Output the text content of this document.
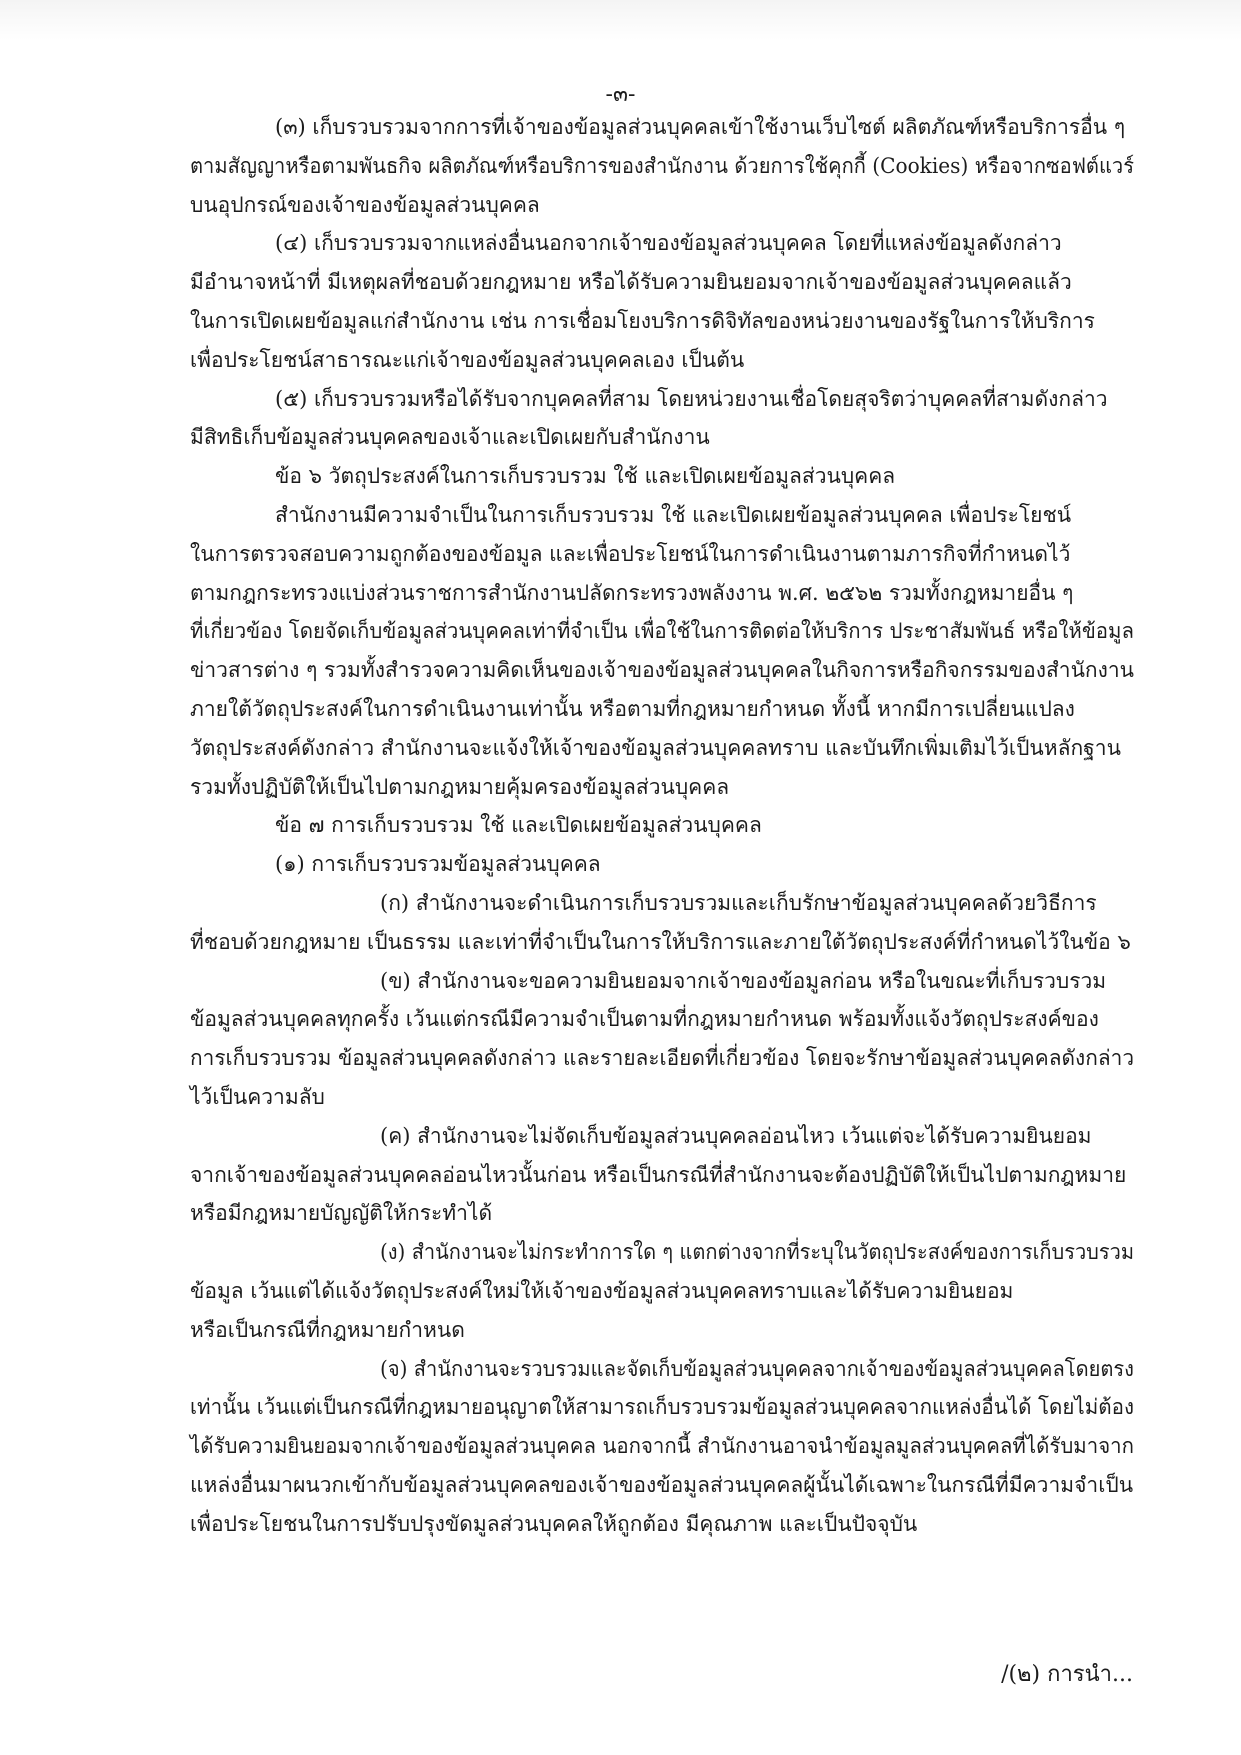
-๓-
(๓) เก็บรวบรวมจากการที่เจ้าของข้อมูลส่วนบุคคลเข้าใช้งานเว็บไซต์ ผลิตภัณฑ์หรือบริการอื่น ๆ
ตามสัญญาหรือตามพันธกิจ ผลิตภัณฑ์หรือบริการของสำนักงาน ด้วยการใช้คุกกี้ (Cookies) หรือจากซอฟต์แวร์
บนอุปกรณ์ของเจ้าของข้อมูลส่วนบุคคล
(๔) เก็บรวบรวมจากแหล่งอื่นนอกจากเจ้าของข้อมูลส่วนบุคคล โดยที่แหล่งข้อมูลดังกล่าว
มีอำนาจหน้าที่ มีเหตุผลที่ชอบด้วยกฎหมาย หรือได้รับความยินยอมจากเจ้าของข้อมูลส่วนบุคคลแล้ว
ในการเปิดเผยข้อมูลแก่สำนักงาน เช่น การเชื่อมโยงบริการดิจิทัลของหน่วยงานของรัฐในการให้บริการ
เพื่อประโยชน์สาธารณะแก่เจ้าของข้อมูลส่วนบุคคลเอง เป็นต้น
(๕) เก็บรวบรวมหรือได้รับจากบุคคลที่สาม โดยหน่วยงานเชื่อโดยสุจริตว่าบุคคลที่สามดังกล่าว
มีสิทธิเก็บข้อมูลส่วนบุคคลของเจ้าและเปิดเผยกับสำนักงาน
ข้อ ๖ วัตถุประสงค์ในการเก็บรวบรวม ใช้ และเปิดเผยข้อมูลส่วนบุคคล
สำนักงานมีความจำเป็นในการเก็บรวบรวม ใช้ และเปิดเผยข้อมูลส่วนบุคคล เพื่อประโยชน์
ในการตรวจสอบความถูกต้องของข้อมูล และเพื่อประโยชน์ในการดำเนินงานตามภารกิจที่กำหนดไว้
ตามกฎกระทรวงแบ่งส่วนราชการสำนักงานปลัดกระทรวงพลังงาน พ.ศ. ๒๕๖๒ รวมทั้งกฎหมายอื่น ๆ
ที่เกี่ยวข้อง โดยจัดเก็บข้อมูลส่วนบุคคลเท่าที่จำเป็น เพื่อใช้ในการติดต่อให้บริการ ประชาสัมพันธ์ หรือให้ข้อมูล
ข่าวสารต่าง ๆ รวมทั้งสำรวจความคิดเห็นของเจ้าของข้อมูลส่วนบุคคลในกิจการหรือกิจกรรมของสำนักงาน
ภายใต้วัตถุประสงค์ในการดำเนินงานเท่านั้น หรือตามที่กฎหมายกำหนด ทั้งนี้ หากมีการเปลี่ยนแปลง
วัตถุประสงค์ดังกล่าว สำนักงานจะแจ้งให้เจ้าของข้อมูลส่วนบุคคลทราบ และบันทึกเพิ่มเติมไว้เป็นหลักฐาน
รวมทั้งปฏิบัติให้เป็นไปตามกฎหมายคุ้มครองข้อมูลส่วนบุคคล
ข้อ ๗ การเก็บรวบรวม ใช้ และเปิดเผยข้อมูลส่วนบุคคล
(๑) การเก็บรวบรวมข้อมูลส่วนบุคคล
(ก) สำนักงานจะดำเนินการเก็บรวบรวมและเก็บรักษาข้อมูลส่วนบุคคลด้วยวิธีการ
ที่ชอบด้วยกฎหมาย เป็นธรรม และเท่าที่จำเป็นในการให้บริการและภายใต้วัตถุประสงค์ที่กำหนดไว้ในข้อ ๖
(ข) สำนักงานจะขอความยินยอมจากเจ้าของข้อมูลก่อน หรือในขณะที่เก็บรวบรวม
ข้อมูลส่วนบุคคลทุกครั้ง เว้นแต่กรณีมีความจำเป็นตามที่กฎหมายกำหนด พร้อมทั้งแจ้งวัตถุประสงค์ของ
การเก็บรวบรวม ข้อมูลส่วนบุคคลดังกล่าว และรายละเอียดที่เกี่ยวข้อง โดยจะรักษาข้อมูลส่วนบุคคลดังกล่าว
ไว้เป็นความลับ
(ค) สำนักงานจะไม่จัดเก็บข้อมูลส่วนบุคคลอ่อนไหว เว้นแต่จะได้รับความยินยอม
จากเจ้าของข้อมูลส่วนบุคคลอ่อนไหวนั้นก่อน หรือเป็นกรณีที่สำนักงานจะต้องปฏิบัติให้เป็นไปตามกฎหมาย
หรือมีกฎหมายบัญญัติให้กระทำได้
(ง) สำนักงานจะไม่กระทำการใด ๆ แตกต่างจากที่ระบุในวัตถุประสงค์ของการเก็บรวบรวม
ข้อมูล เว้นแต่ได้แจ้งวัตถุประสงค์ใหม่ให้เจ้าของข้อมูลส่วนบุคคลทราบและได้รับความยินยอม
หรือเป็นกรณีที่กฎหมายกำหนด
(จ) สำนักงานจะรวบรวมและจัดเก็บข้อมูลส่วนบุคคลจากเจ้าของข้อมูลส่วนบุคคลโดยตรง
เท่านั้น เว้นแต่เป็นกรณีที่กฎหมายอนุญาตให้สามารถเก็บรวบรวมข้อมูลส่วนบุคคลจากแหล่งอื่นได้ โดยไม่ต้อง
ได้รับความยินยอมจากเจ้าของข้อมูลส่วนบุคคล นอกจากนี้ สำนักงานอาจนำข้อมูลมูลส่วนบุคคลที่ได้รับมาจาก
แหล่งอื่นมาผนวกเข้ากับข้อมูลส่วนบุคคลของเจ้าของข้อมูลส่วนบุคคลผู้นั้นได้เฉพาะในกรณีที่มีความจำเป็น
เพื่อประโยชนในการปรับปรุงขัดมูลส่วนบุคคลให้ถูกต้อง มีคุณภาพ และเป็นปัจจุบัน
/(๒) การนำ...
